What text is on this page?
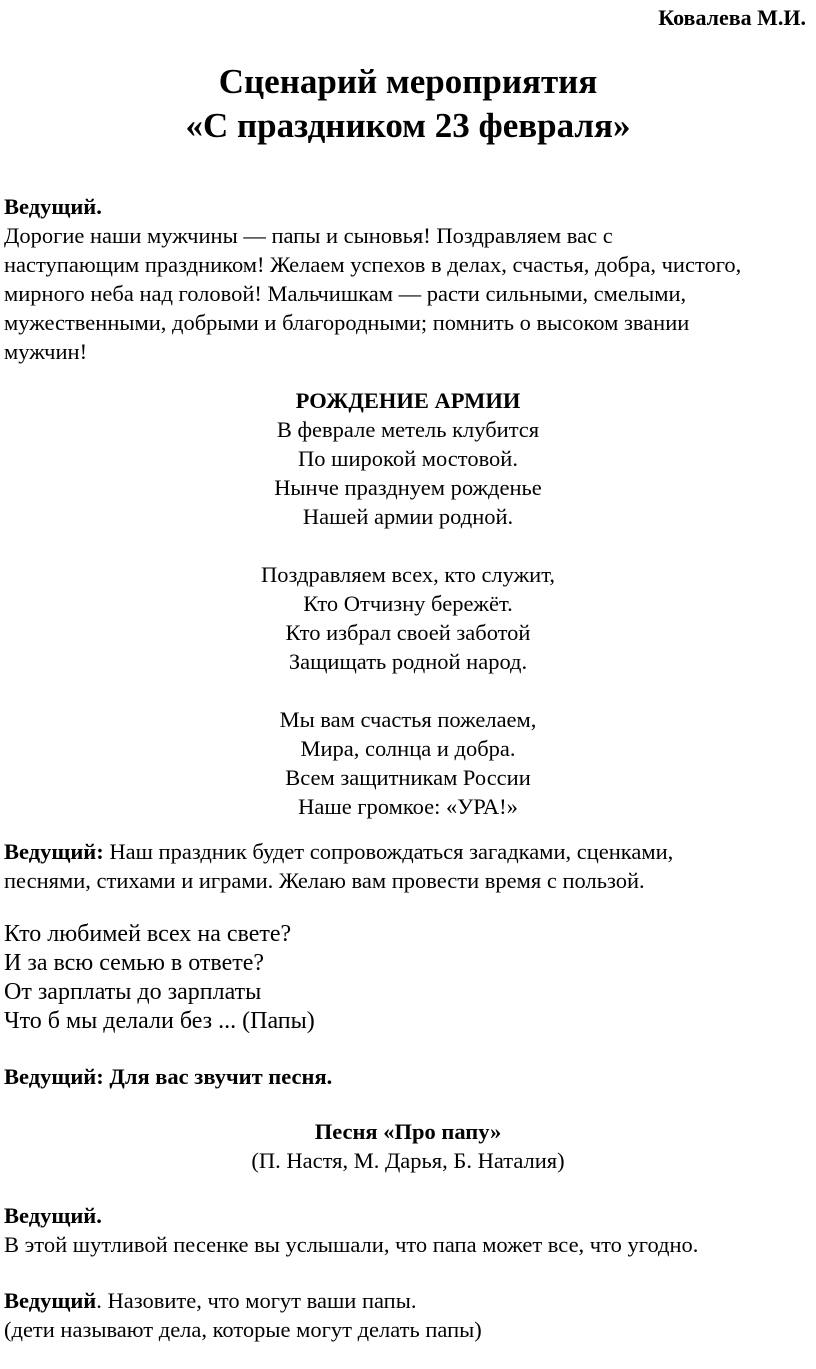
Ковалева М.И.
Сценарий мероприятия
«С праздником 23 февраля»
Ведущий.
Дорогие наши мужчины — папы и сыновья! Поздравляем вас с
наступающим праздником! Желаем успехов в делах, счастья, добра, чистого,
мирного неба над головой! Мальчишкам — расти сильными, смелыми,
мужественными, добрыми и благородными; помнить о высоком звании
мужчин!
РОЖДЕНИЕ АРМИИ
В феврале метель клубится
По широкой мостовой.
Нынче празднуем рожденье
Нашей армии родной.
Поздравляем всех, кто служит,
Кто Отчизну бережёт.
Кто избрал своей заботой
Защищать родной народ.
Мы вам счастья пожелаем,
Мира, солнца и добра.
Всем защитникам России
Наше громкое: «УРА!»
Ведущий: Наш праздник будет сопровождаться загадками, сценками,
песнями, стихами и играми. Желаю вам провести время с пользой.
Кто любимей всех на свете?
И за всю семью в ответе?
От зарплаты до зарплаты
Что б мы делали без ... (Папы)
Ведущий: Для вас звучит песня.
Песня «Про папу»
(П. Настя, М. Дарья, Б. Наталия)
Ведущий.
В этой шутливой песенке вы услышали, что папа может все, что угодно.
Ведущий. Назовите, что могут ваши папы.
(дети называют дела, которые могут делать папы)
